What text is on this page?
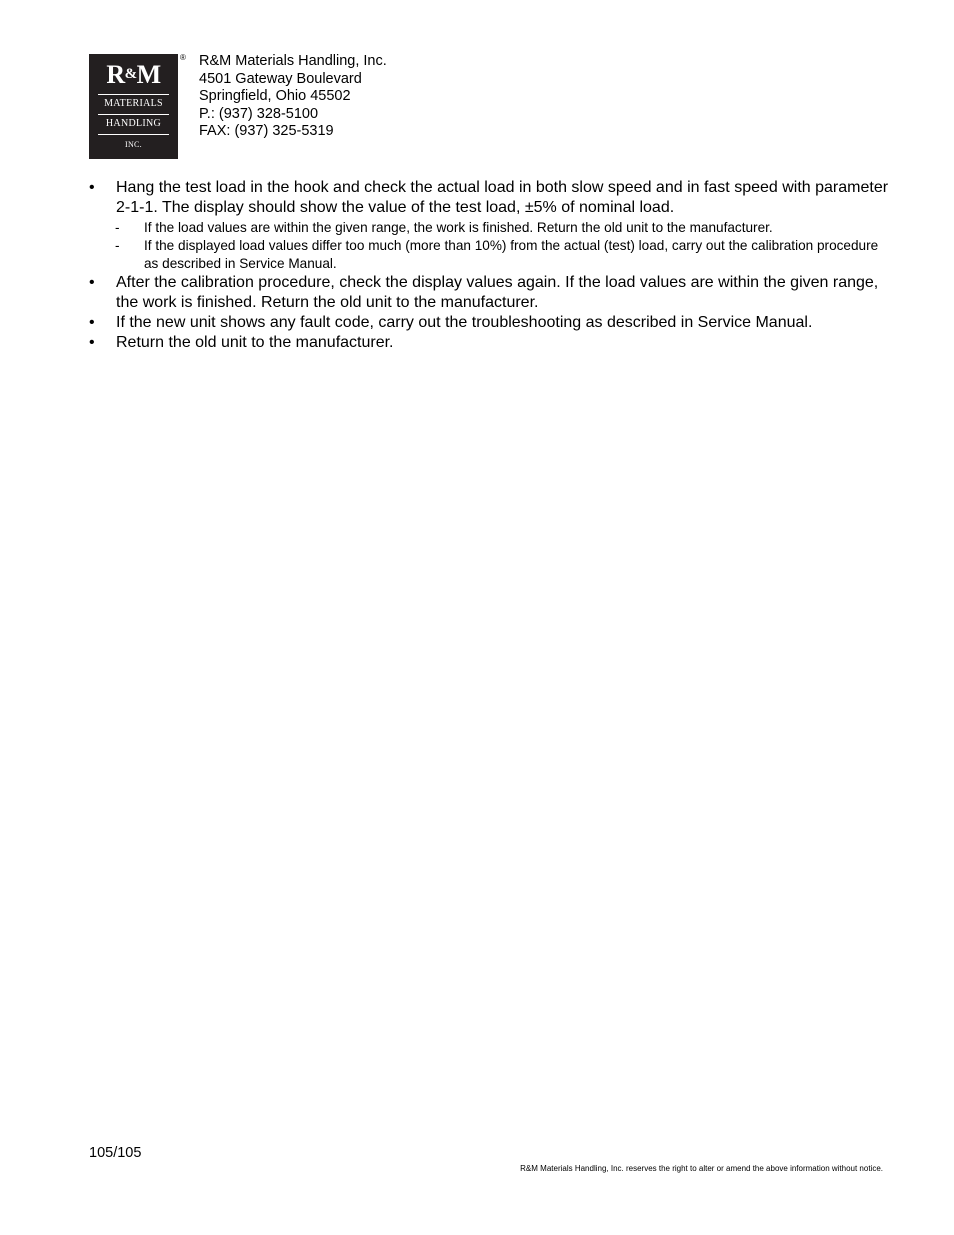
R&M
MATERIALS
HANDLING
INC.
® R&M Materials Handling, Inc.
4501 Gateway Boulevard
Springfield, Ohio 45502
P.: (937) 328-5100
FAX: (937) 325-5319
• Hang the test load in the hook and check the actual load in both slow speed and in fast speed with parameter 2-1-1. The display should show the value of the test load, ±5% of nominal load.
- If the load values are within the given range, the work is finished. Return the old unit to the manufacturer.
- If the displayed load values differ too much (more than 10%) from the actual (test) load, carry out the calibration procedure as described in Service Manual.
• After the calibration procedure, check the display values again. If the load values are within the given range, the work is finished. Return the old unit to the manufacturer.
• If the new unit shows any fault code, carry out the troubleshooting as described in Service Manual.
• Return the old unit to the manufacturer.
105/105
R&M Materials Handling, Inc. reserves the right to alter or amend the above information without notice.
